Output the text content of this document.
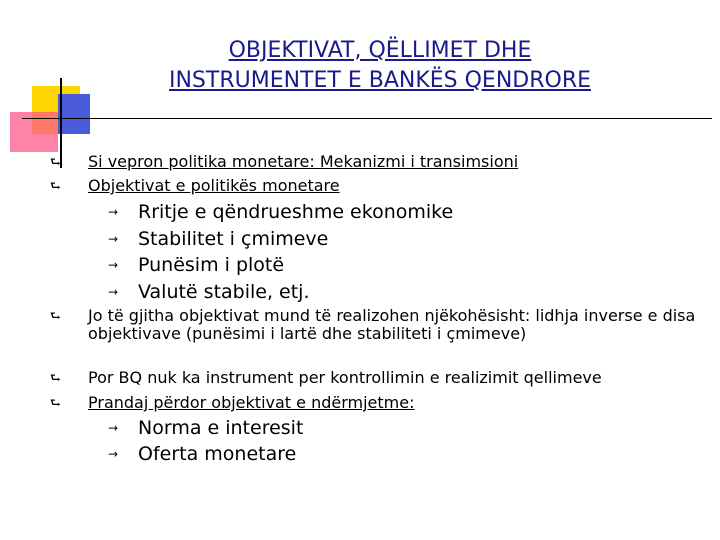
OBJEKTIVAT, QËLLIMET DHE
INSTRUMENTET E BANKËS QENDRORE
⮑	Si vepron politika monetare: Mekanizmi i transimsioni
⮑	Objektivat e politikës monetare
→ Rritje e qëndrueshme ekonomike
→ Stabilitet i çmimeve
→ Punësim i plotë
→ Valutë stabile, etj.
⮑	Jo të gjitha objektivat mund të realizohen njëkohësisht: lidhja inverse e disa objektivave (punësimi i lartë dhe stabiliteti i çmimeve)
⮑	Por BQ nuk ka instrument per kontrollimin e realizimit qellimeve
⮑	Prandaj përdor objektivat e ndërmjetme:
→ Norma e interesit
→ Oferta monetare
